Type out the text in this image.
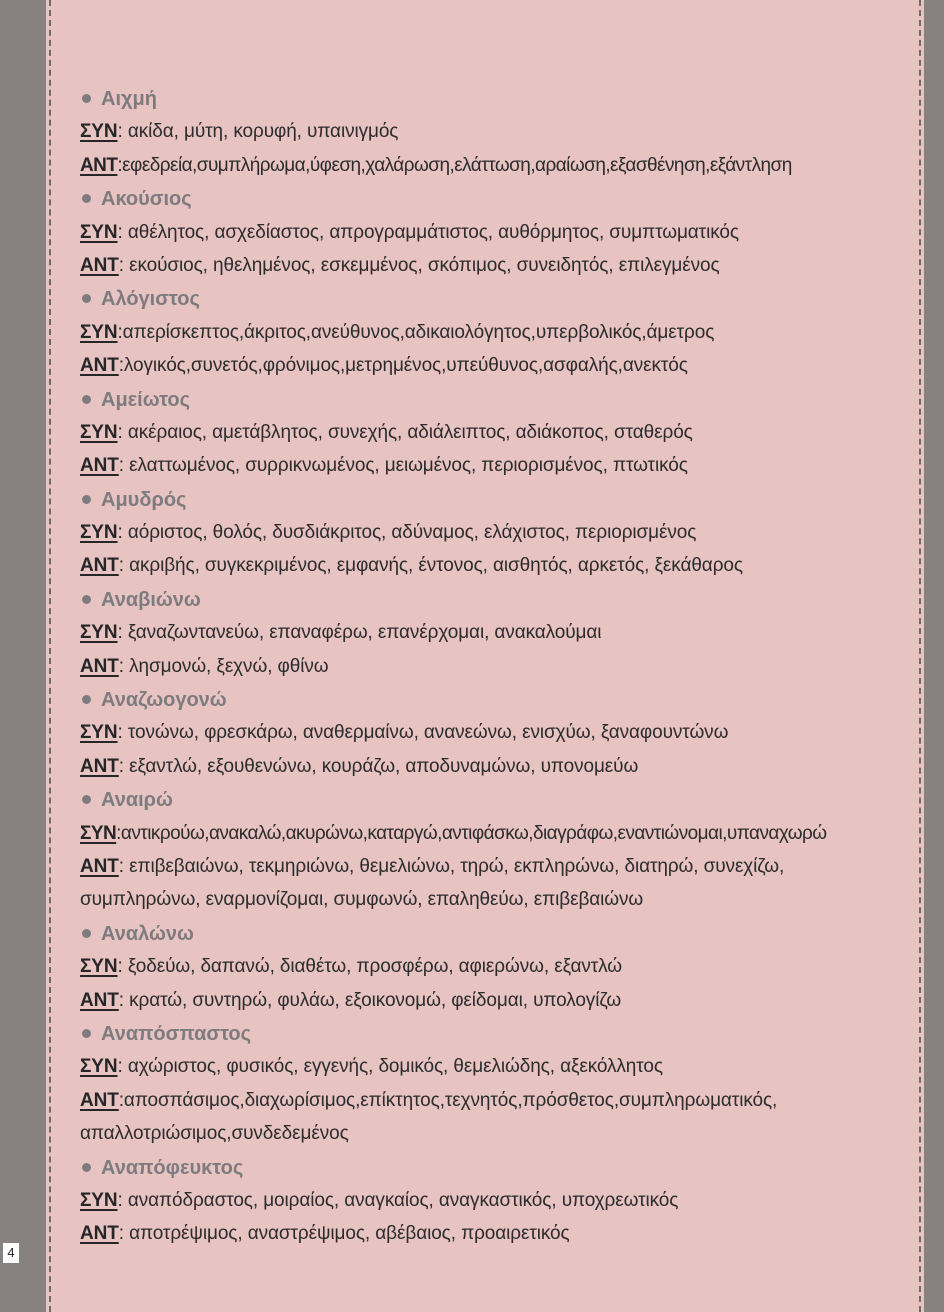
Αιχμή
ΣΥΝ: ακίδα, μύτη, κορυφή, υπαινιγμός
ΑΝΤ:εφεδρεία,συμπλήρωμα,ύφεση,χαλάρωση,ελάττωση,αραίωση,εξασθένηση,εξάντληση
Ακούσιος
ΣΥΝ: αθέλητος, ασχεδίαστος, απρογραμμάτιστος, αυθόρμητος, συμπτωματικός
ΑΝΤ: εκούσιος, ηθελημένος, εσκεμμένος, σκόπιμος, συνειδητός, επιλεγμένος
Αλόγιστος
ΣΥΝ:απερίσκεπτος,άκριτος,ανεύθυνος,αδικαιολόγητος,υπερβολικός,άμετρος
ΑΝΤ:λογικός,συνετός,φρόνιμος,μετρημένος,υπεύθυνος,ασφαλής,ανεκτός
Αμείωτος
ΣΥΝ: ακέραιος, αμετάβλητος, συνεχής, αδιάλειπτος, αδιάκοπος, σταθερός
ΑΝΤ: ελαττωμένος, συρρικνωμένος, μειωμένος, περιορισμένος, πτωτικός
Αμυδρός
ΣΥΝ: αόριστος, θολός, δυσδιάκριτος, αδύναμος, ελάχιστος, περιορισμένος
ΑΝΤ: ακριβής, συγκεκριμένος, εμφανής, έντονος, αισθητός, αρκετός, ξεκάθαρος
Αναβιώνω
ΣΥΝ: ξαναζωντανεύω, επαναφέρω, επανέρχομαι, ανακαλούμαι
ΑΝΤ: λησμονώ, ξεχνώ, φθίνω
Αναζωογονώ
ΣΥΝ: τονώνω, φρεσκάρω, αναθερμαίνω, ανανεώνω, ενισχύω, ξαναφουντώνω
ΑΝΤ: εξαντλώ, εξουθενώνω, κουράζω, αποδυναμώνω, υπονομεύω
Αναιρώ
ΣΥΝ:αντικρούω,ανακαλώ,ακυρώνω,καταργώ,αντιφάσκω,διαγράφω,εναντιώνομαι,υπαναχωρώ
ΑΝΤ: επιβεβαιώνω, τεκμηριώνω, θεμελιώνω, τηρώ, εκπληρώνω, διατηρώ, συνεχίζω,
συμπληρώνω, εναρμονίζομαι, συμφωνώ, επαληθεύω, επιβεβαιώνω
Αναλώνω
ΣΥΝ: ξοδεύω, δαπανώ, διαθέτω, προσφέρω, αφιερώνω, εξαντλώ
ΑΝΤ: κρατώ, συντηρώ, φυλάω, εξοικονομώ, φείδομαι, υπολογίζω
Αναπόσπαστος
ΣΥΝ: αχώριστος, φυσικός, εγγενής, δομικός, θεμελιώδης, αξεκόλλητος
ΑΝΤ:αποσπάσιμος,διαχωρίσιμος,επίκτητος,τεχνητός,πρόσθετος,συμπληρωματικός,
απαλλοτριώσιμος,συνδεδεμένος
Αναπόφευκτος
ΣΥΝ: αναπόδραστος, μοιραίος, αναγκαίος, αναγκαστικός, υποχρεωτικός
ΑΝΤ: αποτρέψιμος, αναστρέψιμος, αβέβαιος, προαιρετικός
4
